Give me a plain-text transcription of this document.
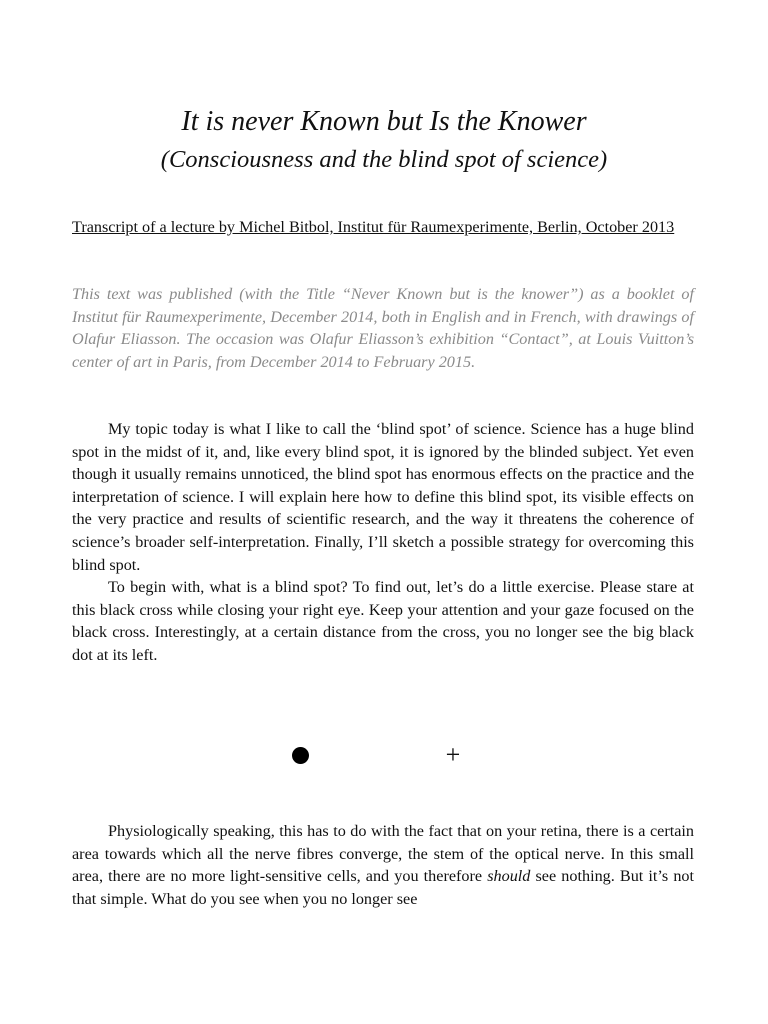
It is never Known but Is the Knower
(Consciousness and the blind spot of science)

Transcript of a lecture by Michel Bitbol, Institut für Raumexperimente, Berlin, October 2013

This text was published (with the Title “Never Known but is the knower”) as a booklet of Institut für Raumexperimente, December 2014, both in English and in French, with drawings of Olafur Eliasson. The occasion was Olafur Eliasson’s exhibition “Contact”, at Louis Vuitton’s center of art in Paris, from December 2014 to February 2015.

My topic today is what I like to call the ‘blind spot’ of science. Science has a huge blind spot in the midst of it, and, like every blind spot, it is ignored by the blinded subject. Yet even though it usually remains unnoticed, the blind spot has enormous effects on the practice and the interpretation of science. I will explain here how to define this blind spot, its visible effects on the very practice and results of scientific research, and the way it threatens the coherence of science’s broader self-interpretation. Finally, I’ll sketch a possible strategy for overcoming this blind spot.

To begin with, what is a blind spot? To find out, let’s do a little exercise. Please stare at this black cross while closing your right eye. Keep your attention and your gaze focused on the black cross. Interestingly, at a certain distance from the cross, you no longer see the big black dot at its left.

+

Physiologically speaking, this has to do with the fact that on your retina, there is a certain area towards which all the nerve fibres converge, the stem of the optical nerve. In this small area, there are no more light-sensitive cells, and you therefore should see nothing. But it’s not that simple. What do you see when you no longer see
